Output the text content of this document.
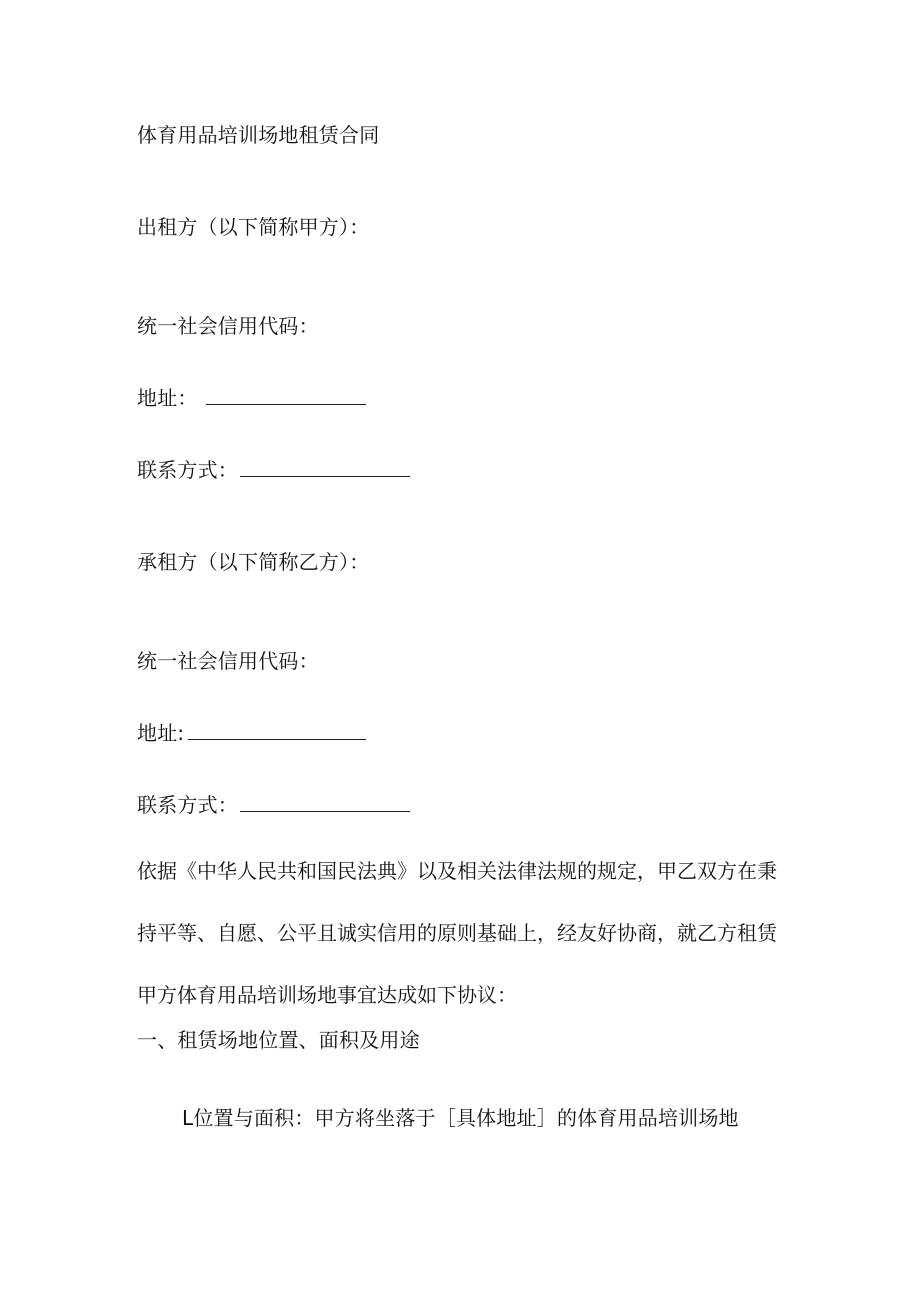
体育用品培训场地租赁合同
出租方（以下简称甲方）：
统一社会信用代码：
地址：
联系方式：
承租方（以下简称乙方）：
统一社会信用代码：
地址:
联系方式：
依据《中华人民共和国民法典》以及相关法律法规的规定，甲乙双方在秉
持平等、自愿、公平且诚实信用的原则基础上，经友好协商，就乙方租赁
甲方体育用品培训场地事宜达成如下协议：
一、租赁场地位置、面积及用途
L位置与面积：甲方将坐落于［具体地址］的体育用品培训场地
